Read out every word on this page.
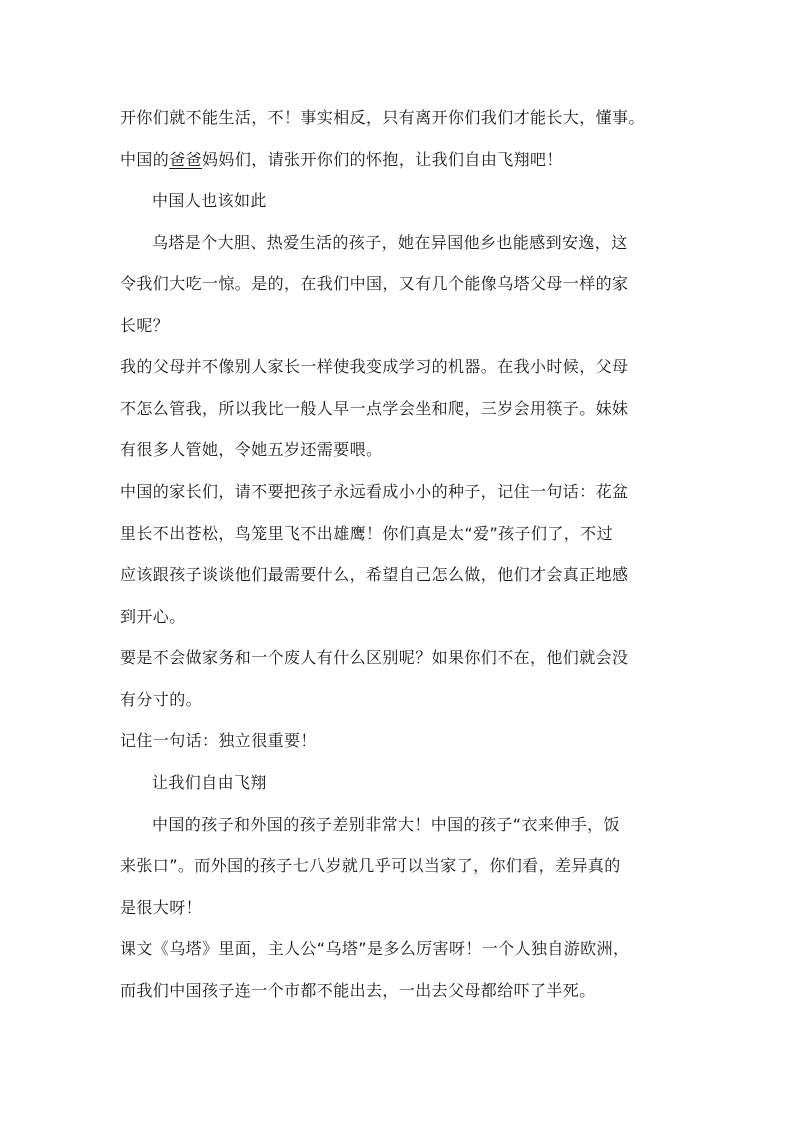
开你们就不能生活，不！事实相反，只有离开你们我们才能长大，懂事。
中国的爸爸妈妈们，请张开你们的怀抱，让我们自由飞翔吧！
中国人也该如此
乌塔是个大胆、热爱生活的孩子，她在异国他乡也能感到安逸，这
令我们大吃一惊。是的，在我们中国，又有几个能像乌塔父母一样的家
长呢？
我的父母并不像别人家长一样使我变成学习的机器。在我小时候，父母
不怎么管我，所以我比一般人早一点学会坐和爬，三岁会用筷子。妹妹
有很多人管她，令她五岁还需要喂。
中国的家长们，请不要把孩子永远看成小小的种子，记住一句话：花盆
里长不出苍松，鸟笼里飞不出雄鹰！你们真是太“爱”孩子们了，不过
应该跟孩子谈谈他们最需要什么，希望自己怎么做，他们才会真正地感
到开心。
要是不会做家务和一个废人有什么区别呢？如果你们不在，他们就会没
有分寸的。
记住一句话：独立很重要！
让我们自由飞翔
中国的孩子和外国的孩子差别非常大！中国的孩子“衣来伸手，饭
来张口”。而外国的孩子七八岁就几乎可以当家了，你们看，差异真的
是很大呀！
课文《乌塔》里面，主人公“乌塔”是多么厉害呀！一个人独自游欧洲，
而我们中国孩子连一个市都不能出去，一出去父母都给吓了半死。
